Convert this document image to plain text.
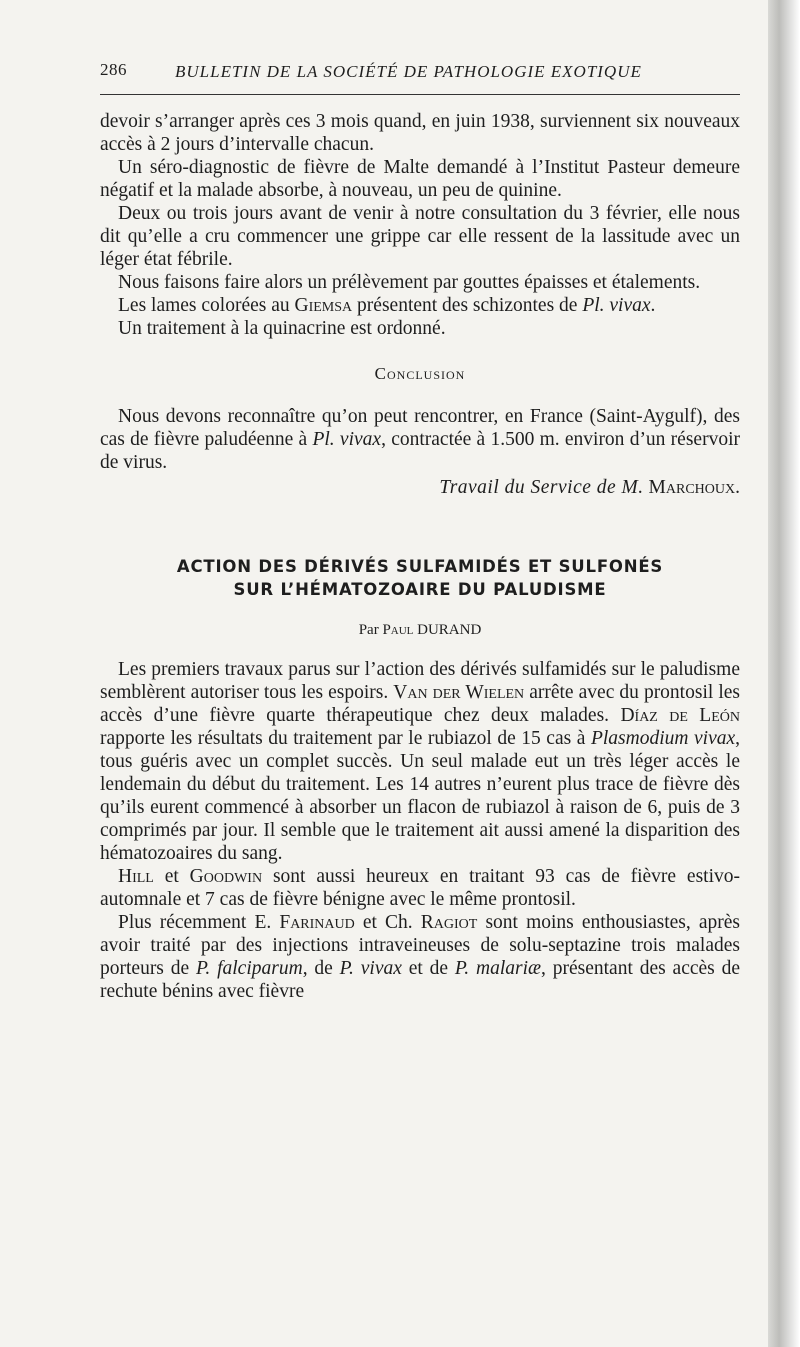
286	BULLETIN DE LA SOCIÉTÉ DE PATHOLOGIE EXOTIQUE

devoir s’arranger après ces 3 mois quand, en juin 1938, surviennent six nouveaux accès à 2 jours d’intervalle chacun.

Un séro-diagnostic de fièvre de Malte demandé à l’Institut Pasteur demeure négatif et la malade absorbe, à nouveau, un peu de quinine.

Deux ou trois jours avant de venir à notre consultation du 3 février, elle nous dit qu’elle a cru commencer une grippe car elle ressent de la lassitude avec un léger état fébrile.

Nous faisons faire alors un prélèvement par gouttes épaisses et étalements.

Les lames colorées au Giemsa présentent des schizontes de Pl. vivax.

Un traitement à la quinacrine est ordonné.

Conclusion

Nous devons reconnaître qu’on peut rencontrer, en France (Saint-Aygulf), des cas de fièvre paludéenne à Pl. vivax, contractée à 1.500 m. environ d’un réservoir de virus.

Travail du Service de M. Marchoux.

ACTION DES DÉRIVÉS SULFAMIDÉS ET SULFONÉS
SUR L’HÉMATOZOAIRE DU PALUDISME

Par Paul DURAND

Les premiers travaux parus sur l’action des dérivés sulfamidés sur le paludisme semblèrent autoriser tous les espoirs. Van der Wielen arrête avec du prontosil les accès d’une fièvre quarte thérapeutique chez deux malades. Díaz de León rapporte les résultats du traitement par le rubiazol de 15 cas à Plasmodium vivax, tous guéris avec un complet succès. Un seul malade eut un très léger accès le lendemain du début du traitement. Les 14 autres n’eurent plus trace de fièvre dès qu’ils eurent commencé à absorber un flacon de rubiazol à raison de 6, puis de 3 comprimés par jour. Il semble que le traitement ait aussi amené la disparition des hématozoaires du sang.

Hill et Goodwin sont aussi heureux en traitant 93 cas de fièvre estivo-automnale et 7 cas de fièvre bénigne avec le même prontosil.

Plus récemment E. Farinaud et Ch. Ragiot sont moins enthousiastes, après avoir traité par des injections intraveineuses de solu-septazine trois malades porteurs de P. falciparum, de P. vivax et de P. malariæ, présentant des accès de rechute bénins avec fièvre
